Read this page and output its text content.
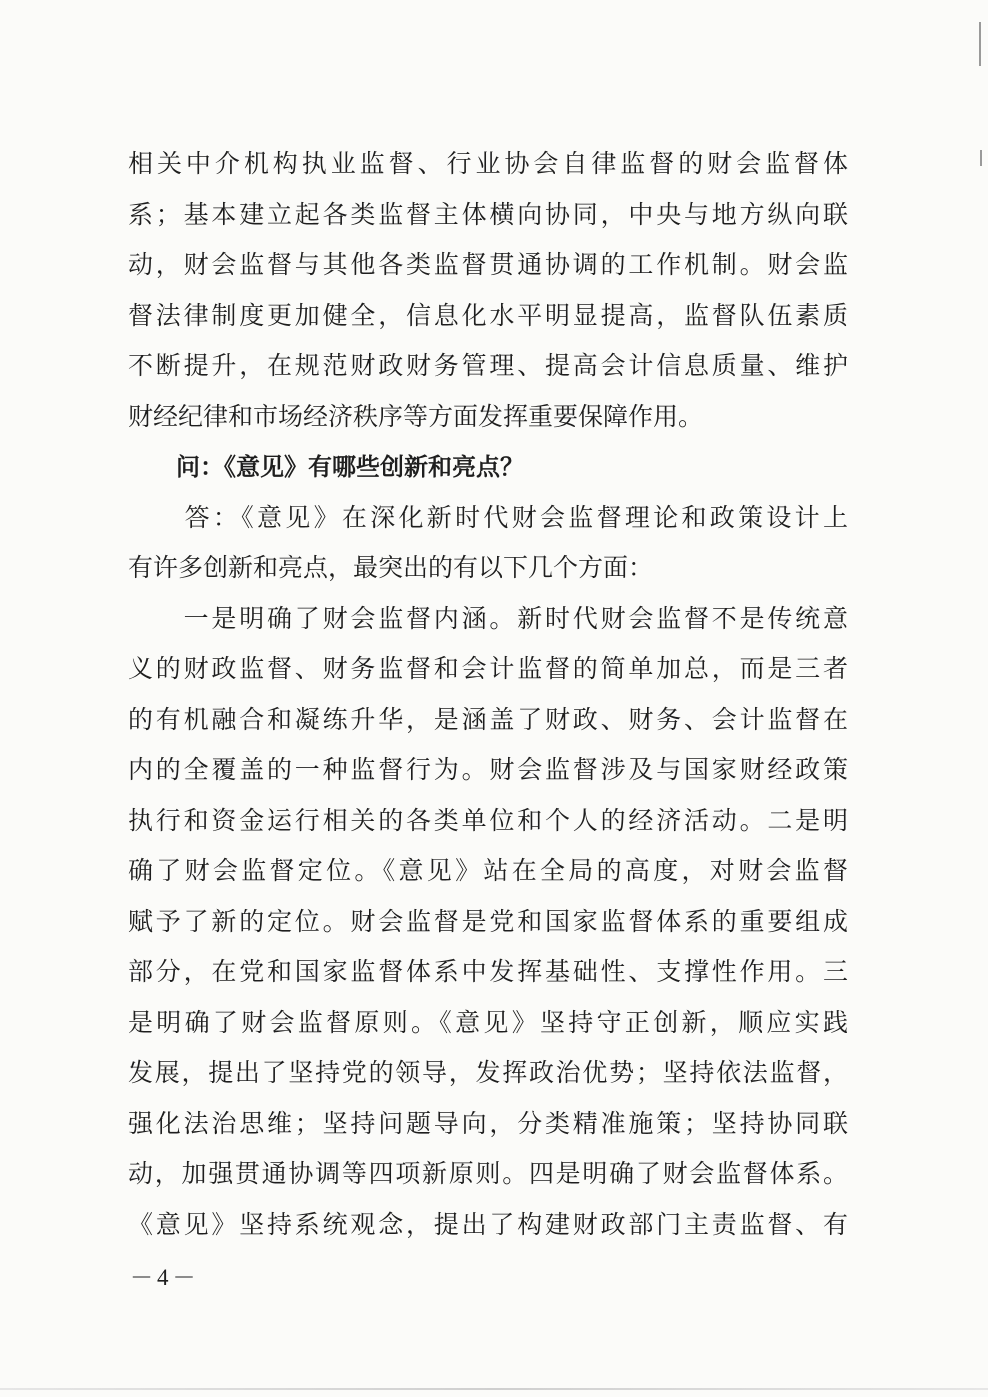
相关中介机构执业监督、行业协会自律监督的财会监督体
系；基本建立起各类监督主体横向协同，中央与地方纵向联
动，财会监督与其他各类监督贯通协调的工作机制。财会监
督法律制度更加健全，信息化水平明显提高，监督队伍素质
不断提升，在规范财政财务管理、提高会计信息质量、维护
财经纪律和市场经济秩序等方面发挥重要保障作用。
　　问：《意见》有哪些创新和亮点？
　　答：《意见》在深化新时代财会监督理论和政策设计上
有许多创新和亮点，最突出的有以下几个方面：
　　一是明确了财会监督内涵。新时代财会监督不是传统意
义的财政监督、财务监督和会计监督的简单加总，而是三者
的有机融合和凝练升华，是涵盖了财政、财务、会计监督在
内的全覆盖的一种监督行为。财会监督涉及与国家财经政策
执行和资金运行相关的各类单位和个人的经济活动。二是明
确了财会监督定位。《意见》站在全局的高度，对财会监督
赋予了新的定位。财会监督是党和国家监督体系的重要组成
部分，在党和国家监督体系中发挥基础性、支撑性作用。三
是明确了财会监督原则。《意见》坚持守正创新，顺应实践
发展，提出了坚持党的领导，发挥政治优势；坚持依法监督，
强化法治思维；坚持问题导向，分类精准施策；坚持协同联
动，加强贯通协调等四项新原则。四是明确了财会监督体系。
《意见》坚持系统观念，提出了构建财政部门主责监督、有
－4－
